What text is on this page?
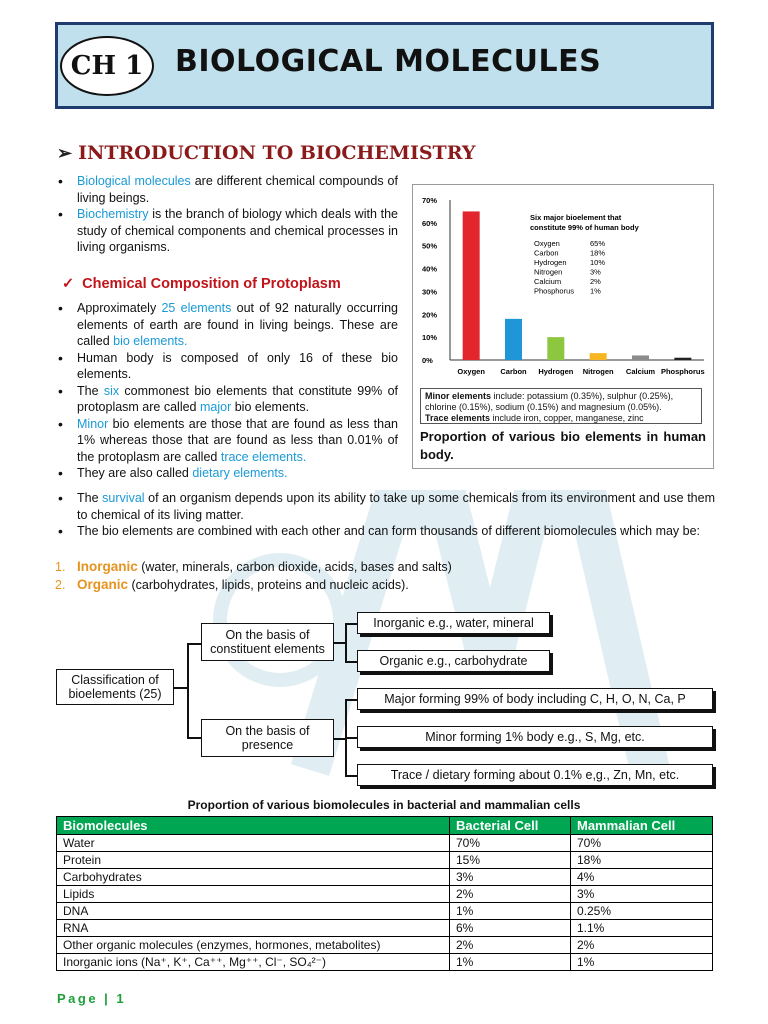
CH 1	BIOLOGICAL MOLECULES
➢ INTRODUCTION TO BIOCHEMISTRY
• Biological molecules are different chemical compounds of living beings.
• Biochemistry is the branch of biology which deals with the study of chemical components and chemical processes in living organisms.
✓ Chemical Composition of Protoplasm
• Approximately 25 elements out of 92 naturally occurring elements of earth are found in living beings. These are called bio elements.
• Human body is composed of only 16 of these bio elements.
• The six commonest bio elements that constitute 99% of protoplasm are called major bio elements.
• Minor bio elements are those that are found as less than 1% whereas those that are found as less than 0.01% of the protoplasm are called trace elements.
• They are also called dietary elements.
• The survival of an organism depends upon its ability to take up some chemicals from its environment and use them to chemical of its living matter.
• The bio elements are combined with each other and can form thousands of different biomolecules which may be:
1. Inorganic (water, minerals, carbon dioxide, acids, bases and salts)
2. Organic (carbohydrates, lipids, proteins and nucleic acids).
0%
10%
20%
30%
40%
50%
60%
70%
Oxygen Carbon Hydrogen Nitrogen Calcium Phosphorus
Six major bioelement that
constitute 99% of human body
Oxygen	65%
Carbon	18%
Hydrogen	10%
Nitrogen	3%
Calcium	2%
Phosphorus 1%
Minor elements include: potassium (0.35%), sulphur (0.25%), chlorine (0.15%), sodium (0.15%) and magnesium (0.05%).
Trace elements include iron, copper, manganese, zinc
Proportion of various bio elements in human body.
Classification of bioelements (25)
On the basis of constituent elements
On the basis of presence
Inorganic e.g., water, mineral
Organic e.g., carbohydrate
Major forming 99% of body including C, H, O, N, Ca, P
Minor forming 1% body e.g., S, Mg, etc.
Trace / dietary forming about 0.1% e,g., Zn, Mn, etc.
Proportion of various biomolecules in bacterial and mammalian cells
Biomolecules	Bacterial Cell	Mammalian Cell
Water	70%	70%
Protein	15%	18%
Carbohydrates	3%	4%
Lipids	2%	3%
DNA	1%	0.25%
RNA	6%	1.1%
Other organic molecules (enzymes, hormones, metabolites)	2%	2%
Inorganic ions (Na⁺, K⁺, Ca⁺⁺, Mg⁺⁺, Cl⁻, SO₄²⁻)	1%	1%
Page | 1
